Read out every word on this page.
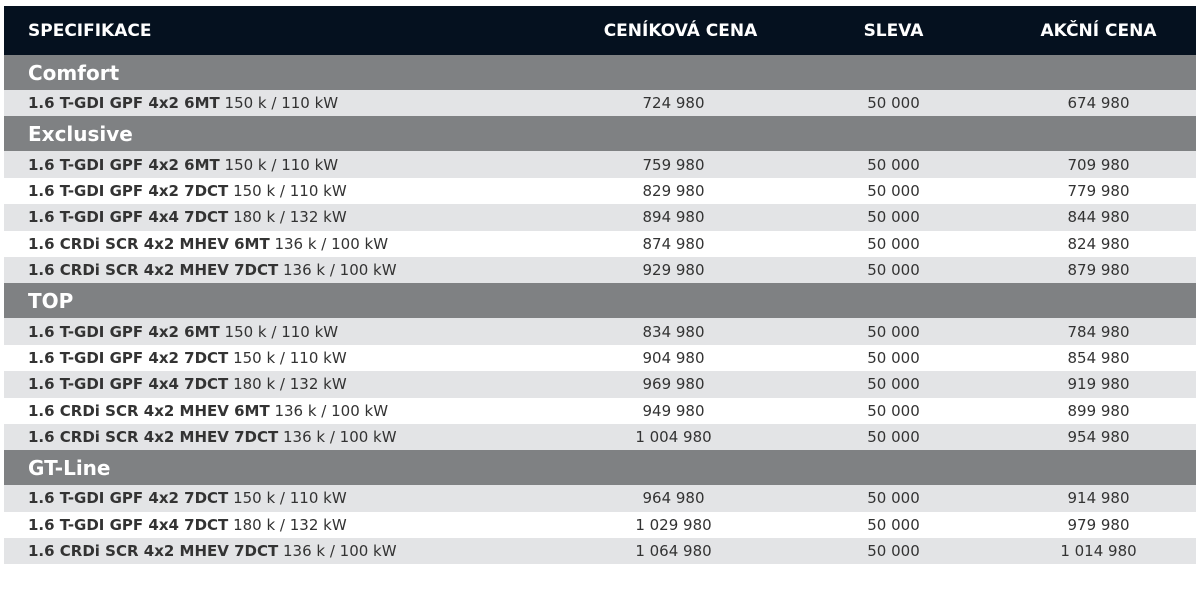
SPECIFIKACE	CENÍKOVÁ CENA	SLEVA	AKČNÍ CENA
Comfort
1.6 T-GDI GPF 4x2 6MT 150 k / 110 kW	724 980	50 000	674 980
Exclusive
1.6 T-GDI GPF 4x2 6MT 150 k / 110 kW	759 980	50 000	709 980
1.6 T-GDI GPF 4x2 7DCT 150 k / 110 kW	829 980	50 000	779 980
1.6 T-GDI GPF 4x4 7DCT 180 k / 132 kW	894 980	50 000	844 980
1.6 CRDi SCR 4x2 MHEV 6MT 136 k / 100 kW	874 980	50 000	824 980
1.6 CRDi SCR 4x2 MHEV 7DCT 136 k / 100 kW	929 980	50 000	879 980
TOP
1.6 T-GDI GPF 4x2 6MT 150 k / 110 kW	834 980	50 000	784 980
1.6 T-GDI GPF 4x2 7DCT 150 k / 110 kW	904 980	50 000	854 980
1.6 T-GDI GPF 4x4 7DCT 180 k / 132 kW	969 980	50 000	919 980
1.6 CRDi SCR 4x2 MHEV 6MT 136 k / 100 kW	949 980	50 000	899 980
1.6 CRDi SCR 4x2 MHEV 7DCT 136 k / 100 kW	1 004 980	50 000	954 980
GT-Line
1.6 T-GDI GPF 4x2 7DCT 150 k / 110 kW	964 980	50 000	914 980
1.6 T-GDI GPF 4x4 7DCT 180 k / 132 kW	1 029 980	50 000	979 980
1.6 CRDi SCR 4x2 MHEV 7DCT 136 k / 100 kW	1 064 980	50 000	1 014 980
